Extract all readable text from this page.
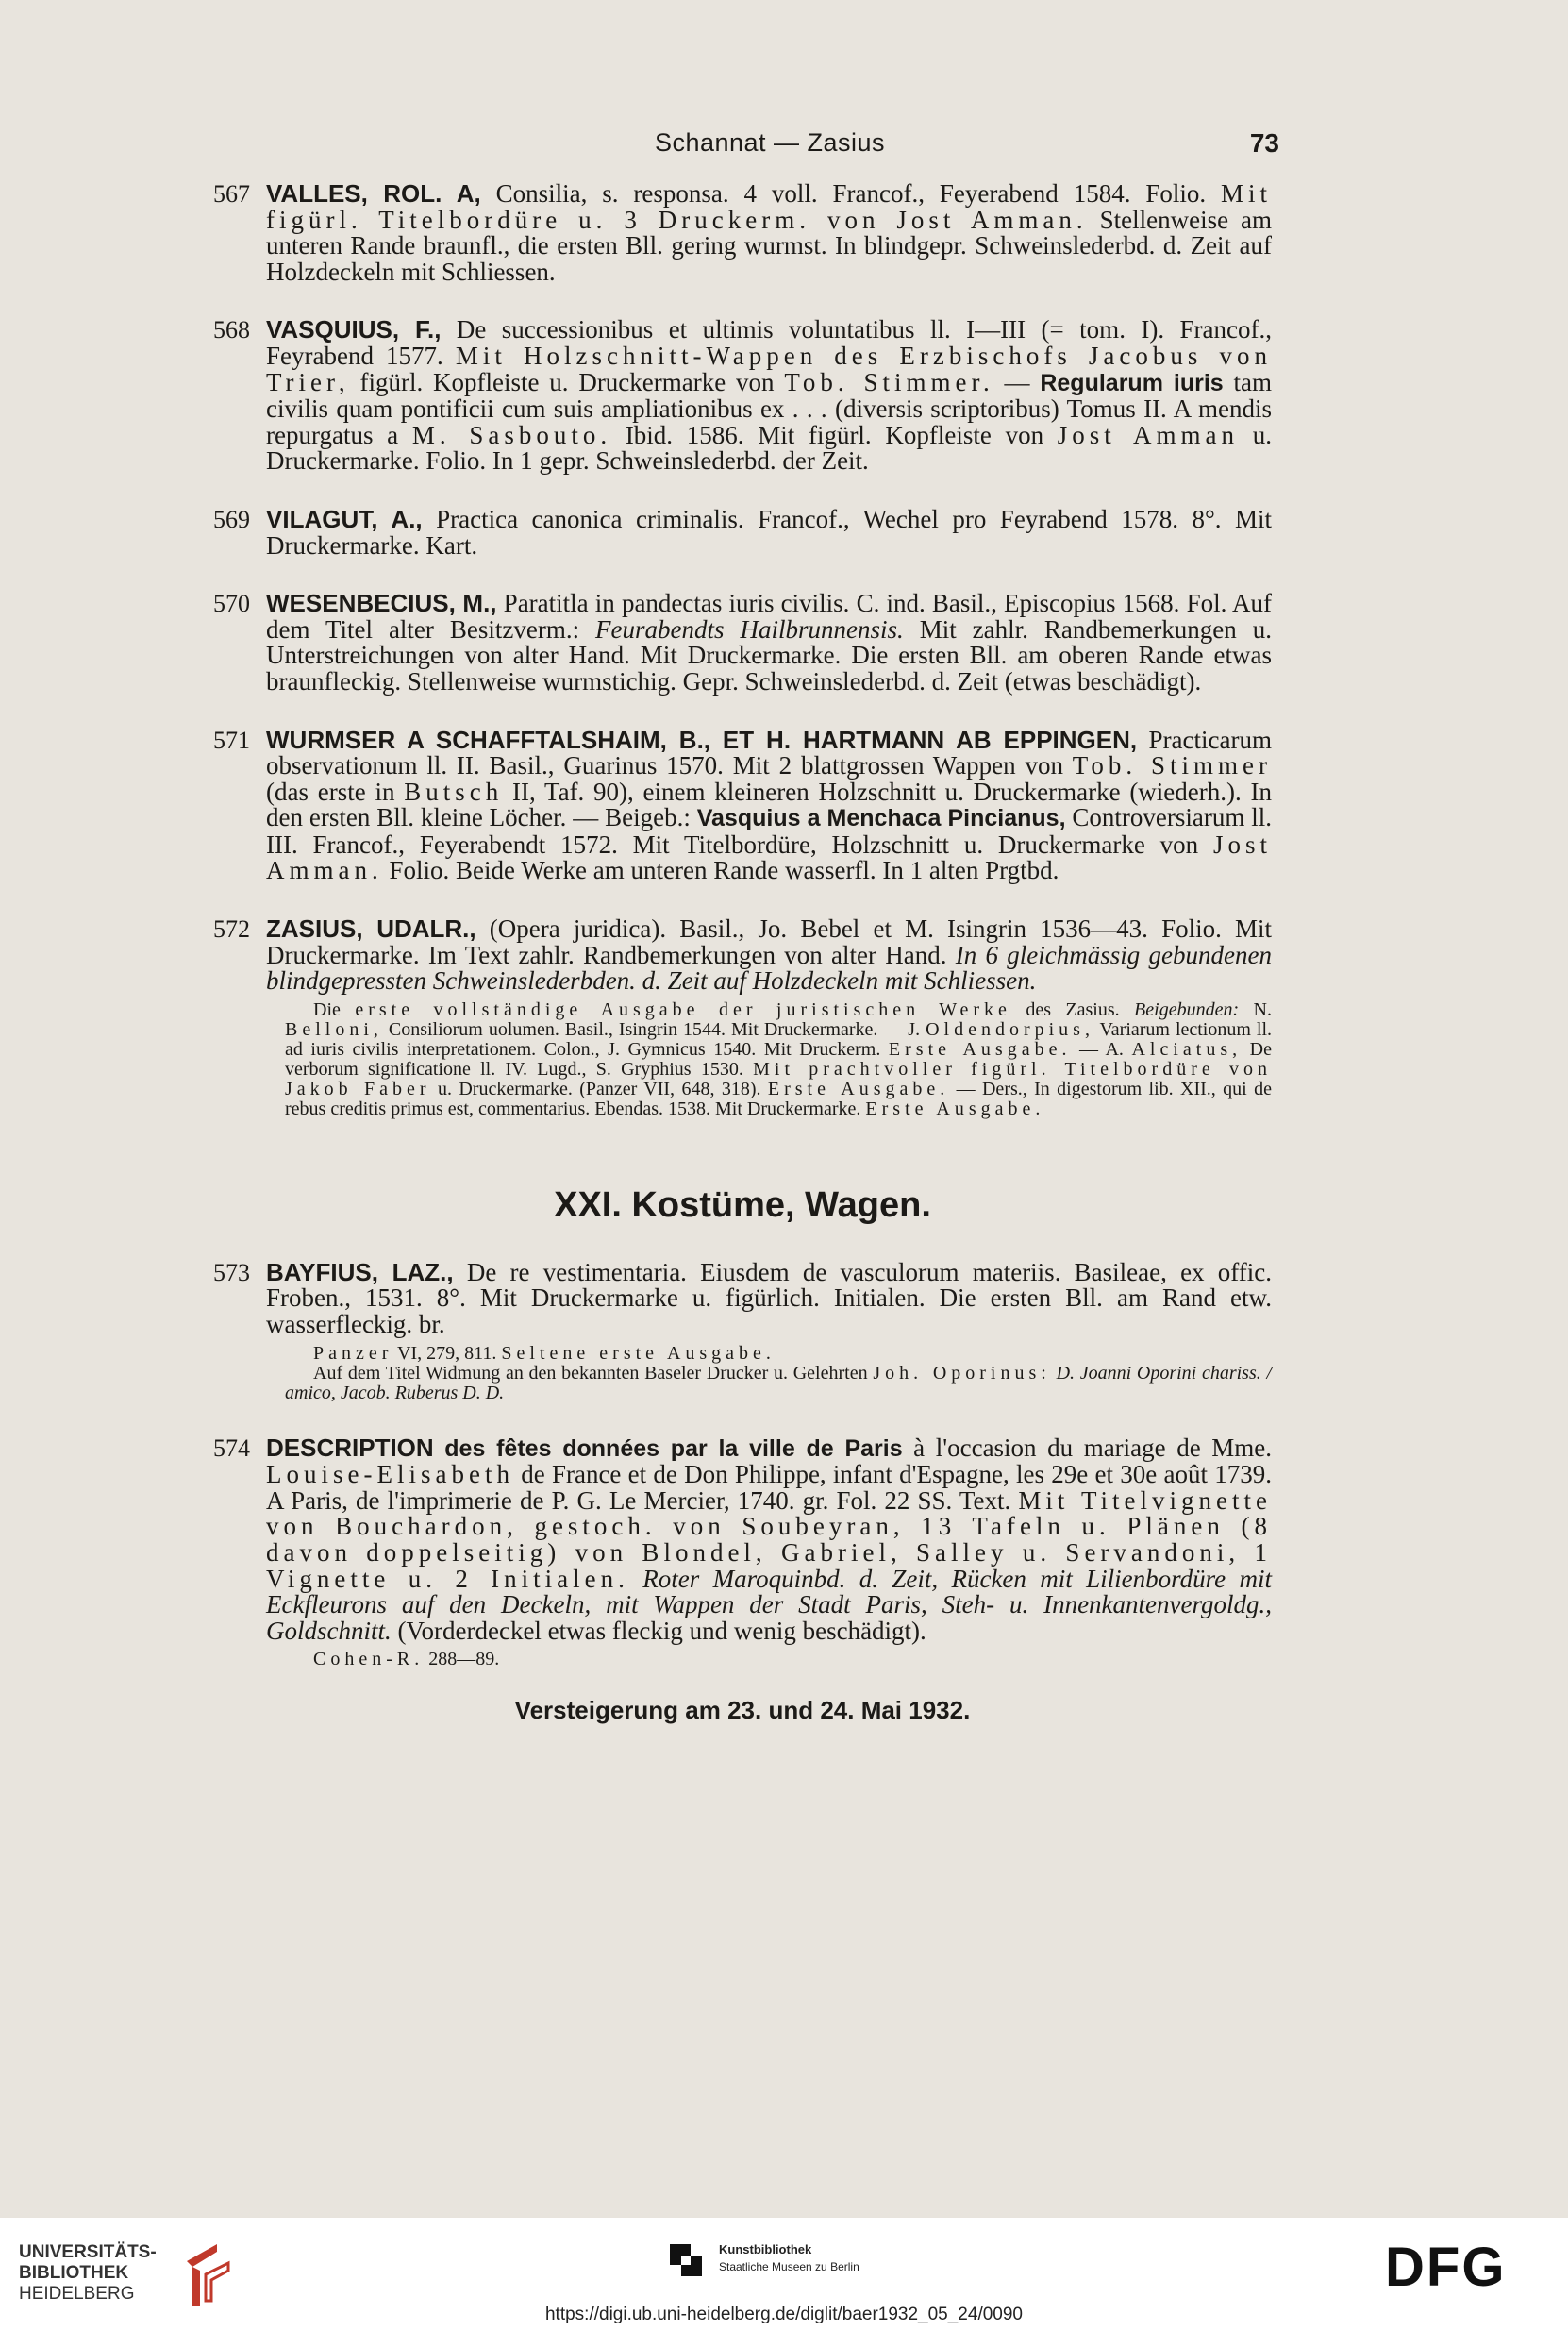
Schannat — Zasius	73
567 VALLES, ROL. A, Consilia, s. responsa. 4 voll. Francof., Feyerabend 1584. Folio. Mit figürl. Titelbordüre u. 3 Druckerm. von Jost Amman. Stellenweise am unteren Rande braunfl., die ersten Bll. gering wurmst. In blindgepr. Schweinslederbd. d. Zeit auf Holzdeckeln mit Schliessen.
568 VASQUIUS, F., De successionibus et ultimis voluntatibus ll. I—III (= tom. I). Francof., Feyrabend 1577. Mit Holzschnitt-Wappen des Erzbischofs Jacobus von Trier, figürl. Kopfleiste u. Druckermarke von Tob. Stimmer. — Regularum iuris tam civilis quam pontificii cum suis ampliationibus ex . . . (diversis scriptoribus) Tomus II. A mendis repurgatus a M. Sasbouto. Ibid. 1586. Mit figürl. Kopfleiste von Jost Amman u. Druckermarke. Folio. In 1 gepr. Schweinslederbd. der Zeit.
569 VILAGUT, A., Practica canonica criminalis. Francof., Wechel pro Feyrabend 1578. 8°. Mit Druckermarke. Kart.
570 WESENBECIUS, M., Paratitla in pandectas iuris civilis. C. ind. Basil., Episcopius 1568. Fol. Auf dem Titel alter Besitzverm.: Feurabendts Hailbrunnensis. Mit zahlr. Randbemerkungen u. Unterstreichungen von alter Hand. Mit Druckermarke. Die ersten Bll. am oberen Rande etwas braunfleckig. Stellenweise wurmstichig. Gepr. Schweinslederbd. d. Zeit (etwas beschädigt).
571 WURMSER A SCHAFFTALSHAIM, B., ET H. HARTMANN AB EPPINGEN, Practicarum observationum ll. II. Basil., Guarinus 1570. Mit 2 blattgrossen Wappen von Tob. Stimmer (das erste in Butsch II, Taf. 90), einem kleineren Holzschnitt u. Druckermarke (wiederh.). In den ersten Bll. kleine Löcher. — Beigeb.: Vasquius a Menchaca Pincianus, Controversiarum ll. III. Francof., Feyerabendt 1572. Mit Titelbordüre, Holzschnitt u. Druckermarke von Jost Amman. Folio. Beide Werke am unteren Rande wasserfl. In 1 alten Prgtbd.
572 ZASIUS, UDALR., (Opera juridica). Basil., Jo. Bebel et M. Isingrin 1536—43. Folio. Mit Druckermarke. Im Text zahlr. Randbemerkungen von alter Hand. In 6 gleichmässig gebundenen blindgepressten Schweinslederbden. d. Zeit auf Holzdeckeln mit Schliessen.

Die erste vollständige Ausgabe der juristischen Werke des Zasius. Beigebunden: N. Belloni, Consiliorum uolumen. Basil., Isingrin 1544. Mit Druckermarke. — J. Oldendorpius, Variarum lectionum ll. ad iuris civilis interpretationem. Colon., J. Gymnicus 1540. Mit Druckerm. Erste Ausgabe. — A. Alciatus, De verborum significatione ll. IV. Lugd., S. Gryphius 1530. Mit prachtvoller figürl. Titelbordüre von Jakob Faber u. Druckermarke. (Panzer VII, 648, 318). Erste Ausgabe. — Ders., In digestorum lib. XII., qui de rebus creditis primus est, commentarius. Ebendas. 1538. Mit Druckermarke. Erste Ausgabe.

XXI. Kostüme, Wagen.
573 BAYFIUS, LAZ., De re vestimentaria. Eiusdem de vasculorum materiis. Basileae, ex offic. Froben., 1531. 8°. Mit Druckermarke u. figürlich. Initialen. Die ersten Bll. am Rand etw. wasserfleckig. br.

Panzer VI, 279, 811. Seltene erste Ausgabe.

Auf dem Titel Widmung an den bekannten Baseler Drucker u. Gelehrten Joh. Oporinus: D. Joanni Oporini chariss. / amico, Jacob. Ruberus D. D.

574 DESCRIPTION des fêtes données par la ville de Paris à l'occasion du mariage de Mme. Louise-Elisabeth de France et de Don Philippe, infant d'Espagne, les 29e et 30e août 1739. A Paris, de l'imprimerie de P. G. Le Mercier, 1740. gr. Fol. 22 SS. Text. Mit Titelvignette von Bouchardon, gestoch. von Soubeyran, 13 Tafeln u. Plänen (8 davon doppelseitig) von Blondel, Gabriel, Salley u. Servandoni, 1 Vignette u. 2 Initialen. Roter Maroquinbd. d. Zeit, Rücken mit Lilienbordüre mit Eckfleurons auf den Deckeln, mit Wappen der Stadt Paris, Steh- u. Innenkantenvergoldg., Goldschnitt. (Vorderdeckel etwas fleckig und wenig beschädigt).

Cohen-R. 288—89.

Versteigerung am 23. und 24. Mai 1932.
UNIVERSITÄTS-
BIBLIOTHEK
HEIDELBERG
Kunstbibliothek
Staatliche Museen zu Berlin	DFG
https://digi.ub.uni-heidelberg.de/diglit/baer1932_05_24/0090
